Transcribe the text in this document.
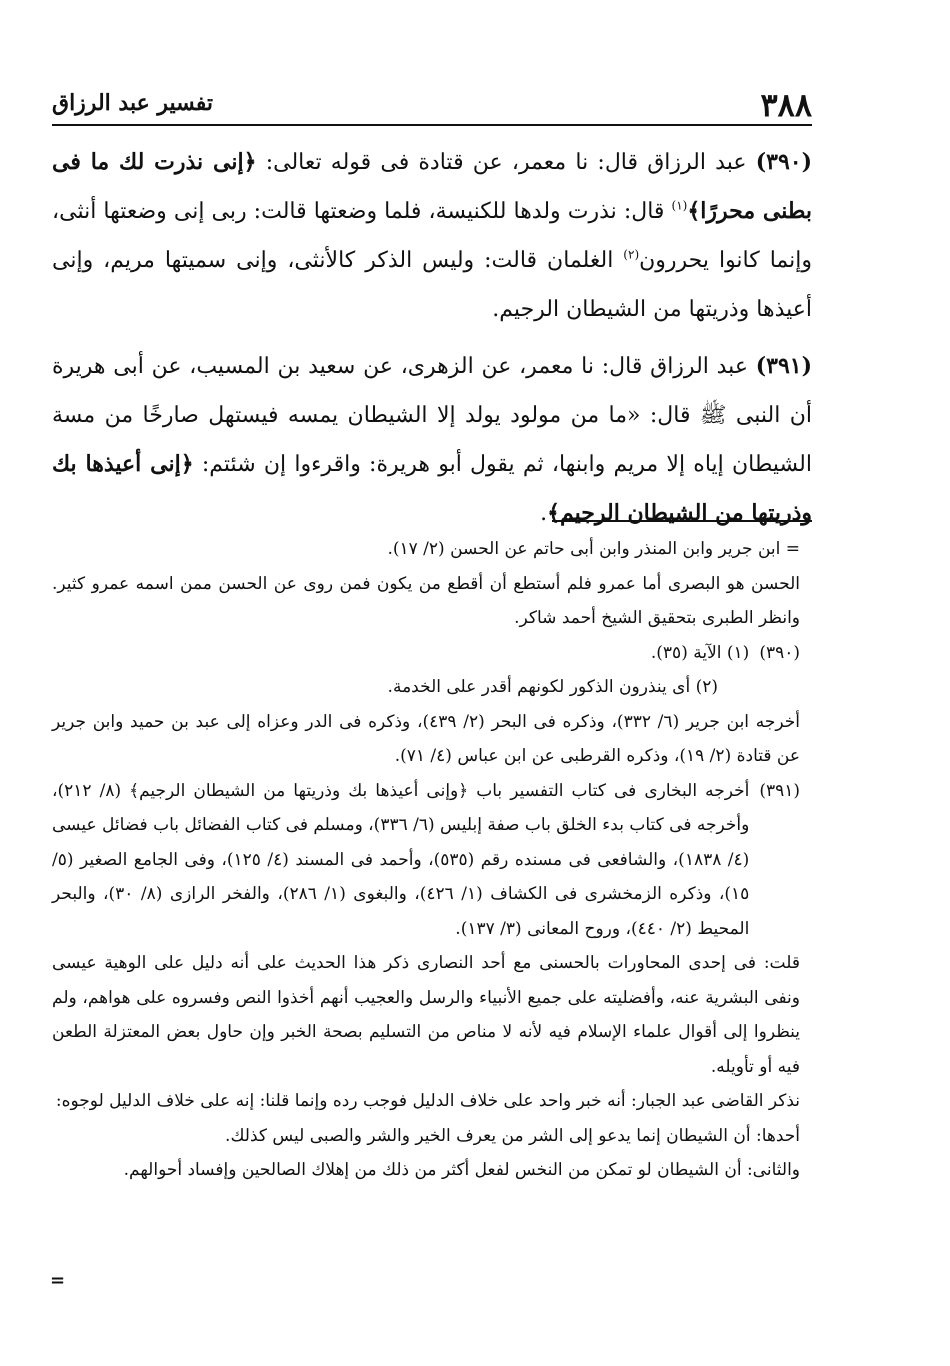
٣٨٨
تفسير عبد الرزاق

(٣٩٠) عبد الرزاق قال: نا معمر، عن قتادة فى قوله تعالى: ﴿إنى نذرت لك ما فى بطنى محررًا﴾$^{(١)}$ قال: نذرت ولدها للكنيسة، فلما وضعتها قالت: ربى إنى وضعتها أنثى، وإنما كانوا يحررون$^{(٢)}$ الغلمان قالت: وليس الذكر كالأنثى، وإنى سميتها مريم، وإنى أعيذها وذريتها من الشيطان الرجيم.

(٣٩١) عبد الرزاق قال: نا معمر، عن الزهرى، عن سعيد بن المسيب، عن أبى هريرة أن النبى ﷺ قال: «ما من مولود يولد إلا الشيطان يمسه فيستهل صارخًا من مسة الشيطان إياه إلا مريم وابنها، ثم يقول أبو هريرة: واقرءوا إن شئتم: ﴿إنى أعيذها بك وذريتها من الشيطان الرجيم﴾.

= ابن جرير وابن المنذر وابن أبى حاتم عن الحسن (٢/ ١٧).

الحسن هو البصرى أما عمرو فلم أستطع أن أقطع من يكون فمن روى عن الحسن ممن اسمه عمرو كثير. وانظر الطبرى بتحقيق الشيخ أحمد شاكر.

(٣٩٠)
(١) الآية (٣٥).
(٢) أى ينذرون الذكور لكونهم أقدر على الخدمة.

أخرجه ابن جرير (٦/ ٣٣٢)، وذكره فى البحر (٢/ ٤٣٩)، وذكره فى الدر وعزاه إلى عبد بن حميد وابن جرير عن قتادة (٢/ ١٩)، وذكره القرطبى عن ابن عباس (٤/ ٧١).

(٣٩١)
أخرجه البخارى فى كتاب التفسير باب ﴿وإنى أعيذها بك وذريتها من الشيطان الرجيم﴾ (٨/ ٢١٢)، وأخرجه فى كتاب بدء الخلق باب صفة إبليس (٦/ ٣٣٦)، ومسلم فى كتاب الفضائل باب فضائل عيسى (٤/ ١٨٣٨)، والشافعى فى مسنده رقم (٥٣٥)، وأحمد فى المسند (٤/ ١٢٥)، وفى الجامع الصغير (٥/ ١٥)، وذكره الزمخشرى فى الكشاف (١/ ٤٢٦)، والبغوى (١/ ٢٨٦)، والفخر الرازى (٨/ ٣٠)، والبحر المحيط (٢/ ٤٤٠)، وروح المعانى (٣/ ١٣٧).

قلت: فى إحدى المحاورات بالحسنى مع أحد النصارى ذكر هذا الحديث على أنه دليل على الوهية عيسى ونفى البشرية عنه، وأفضليته على جميع الأنبياء والرسل والعجيب أنهم أخذوا النص وفسروه على هواهم، ولم ينظروا إلى أقوال علماء الإسلام فيه لأنه لا مناص من التسليم بصحة الخبر وإن حاول بعض المعتزلة الطعن فيه أو تأويله.

نذكر القاضى عبد الجبار: أنه خبر واحد على خلاف الدليل فوجب رده وإنما قلنا: إنه على خلاف الدليل لوجوه:

أحدها: أن الشيطان إنما يدعو إلى الشر من يعرف الخير والشر والصبى ليس كذلك.

والثانى: أن الشيطان لو تمكن من النخس لفعل أكثر من ذلك من إهلاك الصالحين وإفساد أحوالهم.

=
